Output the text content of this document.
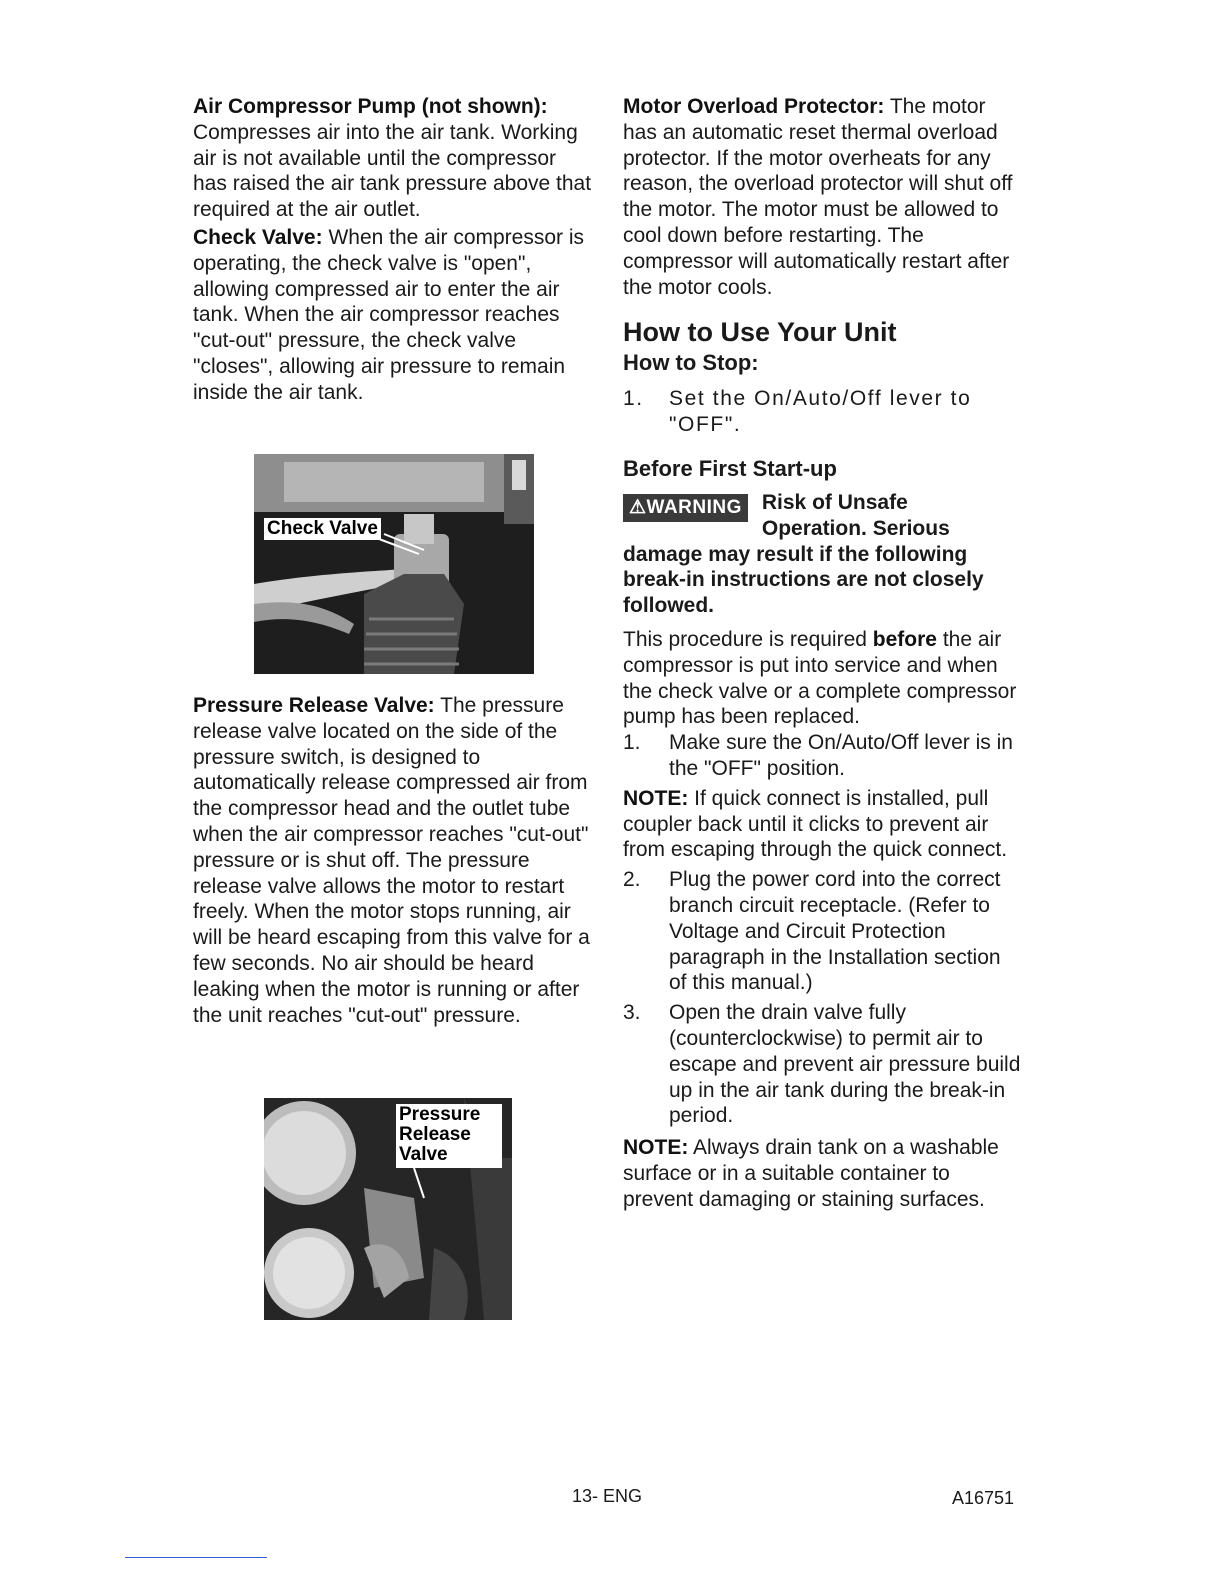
Air Compressor Pump (not shown): Compresses air into the air tank. Working air is not available until the compressor has raised the air tank pressure above that required at the air outlet.

Check Valve: When the air compressor is operating, the check valve is "open", allowing compressed air to enter the air tank. When the air compressor reaches "cut-out" pressure, the check valve "closes", allowing air pressure to remain inside the air tank.

Check Valve

Pressure Release Valve: The pressure release valve located on the side of the pressure switch, is designed to automatically release compressed air from the compressor head and the outlet tube when the air compressor reaches "cut-out" pressure or is shut off. The pressure release valve allows the motor to restart freely. When the motor stops running, air will be heard escaping from this valve for a few seconds. No air should be heard leaking when the motor is running or after the unit reaches "cut-out" pressure.

Pressure
Release
Valve

Motor Overload Protector: The motor has an automatic reset thermal overload protector. If the motor overheats for any reason, the overload protector will shut off the motor. The motor must be allowed to cool down before restarting. The compressor will automatically restart after the motor cools.

How to Use Your Unit
How to Stop:
1.	Set the On/Auto/Off lever to "OFF".
Before First Start-up
⚠WARNING Risk of Unsafe
Operation. Serious

damage may result if the following break-in instructions are not closely followed.

This procedure is required before the air compressor is put into service and when the check valve or a complete compressor pump has been replaced.

1.	Make sure the On/Auto/Off lever is in the "OFF" position.

NOTE: If quick connect is installed, pull coupler back until it clicks to prevent air from escaping through the quick connect.

2.	Plug the power cord into the correct branch circuit receptacle. (Refer to Voltage and Circuit Protection paragraph in the Installation section of this manual.)
3.	Open the drain valve fully (counterclockwise) to permit air to escape and prevent air pressure build up in the air tank during the break-in period.

NOTE: Always drain tank on a washable surface or in a suitable container to prevent damaging or staining surfaces.

13- ENG	A16751
